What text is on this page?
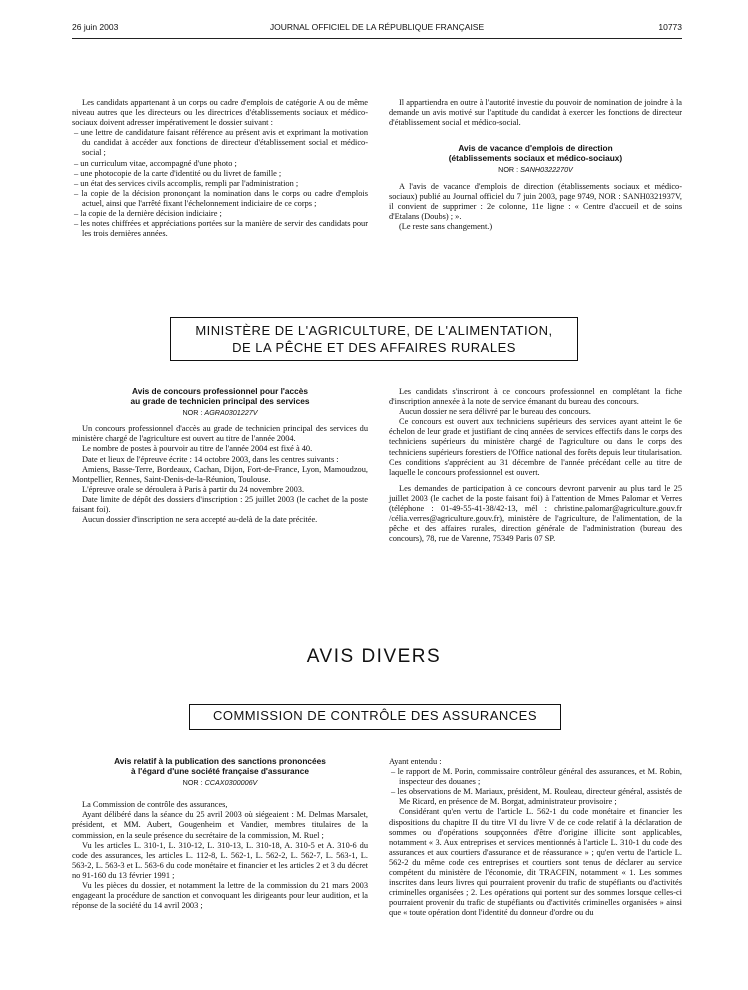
26 juin 2003	JOURNAL OFFICIEL DE LA RÉPUBLIQUE FRANÇAISE	10773

Les candidats appartenant à un corps ou cadre d'emplois de catégorie A ou de même niveau autres que les directeurs ou les directrices d'établissements sociaux et médico-sociaux doivent adresser impérativement le dossier suivant :

– une lettre de candidature faisant référence au présent avis et exprimant la motivation du candidat à accéder aux fonctions de directeur d'établissement social et médico-social ;
– un curriculum vitae, accompagné d'une photo ;
– une photocopie de la carte d'identité ou du livret de famille ;
– un état des services civils accomplis, rempli par l'administration ;
– la copie de la décision prononçant la nomination dans le corps ou cadre d'emplois actuel, ainsi que l'arrêté fixant l'échelonnement indiciaire de ce corps ;
– la copie de la dernière décision indiciaire ;
– les notes chiffrées et appréciations portées sur la manière de servir des candidats pour les trois dernières années.

Il appartiendra en outre à l'autorité investie du pouvoir de nomination de joindre à la demande un avis motivé sur l'aptitude du candidat à exercer les fonctions de directeur d'établissement social et médico-social.

Avis de vacance d'emplois de direction
(établissements sociaux et médico-sociaux)

NOR : SANH0322270V

A l'avis de vacance d'emplois de direction (établissements sociaux et médico-sociaux) publié au Journal officiel du 7 juin 2003, page 9749, NOR : SANH0321937V, il convient de supprimer : 2e colonne, 11e ligne : « Centre d'accueil et de soins d'Etalans (Doubs) ; ».

(Le reste sans changement.)

MINISTÈRE DE L'AGRICULTURE, DE L'ALIMENTATION,
DE LA PÊCHE ET DES AFFAIRES RURALES
Avis de concours professionnel pour l'accès
au grade de technicien principal des services

NOR : AGRA0301227V

Un concours professionnel d'accès au grade de technicien principal des services du ministère chargé de l'agriculture est ouvert au titre de l'année 2004.

Le nombre de postes à pourvoir au titre de l'année 2004 est fixé à 40.

Date et lieux de l'épreuve écrite : 14 octobre 2003, dans les centres suivants :

Amiens, Basse-Terre, Bordeaux, Cachan, Dijon, Fort-de-France, Lyon, Mamoudzou, Montpellier, Rennes, Saint-Denis-de-la-Réunion, Toulouse.

L'épreuve orale se déroulera à Paris à partir du 24 novembre 2003.

Date limite de dépôt des dossiers d'inscription : 25 juillet 2003 (le cachet de la poste faisant foi).

Aucun dossier d'inscription ne sera accepté au-delà de la date précitée.

Les candidats s'inscriront à ce concours professionnel en complétant la fiche d'inscription annexée à la note de service émanant du bureau des concours.

Aucun dossier ne sera délivré par le bureau des concours.

Ce concours est ouvert aux techniciens supérieurs des services ayant atteint le 6e échelon de leur grade et justifiant de cinq années de services effectifs dans le corps des techniciens supérieurs du ministère chargé de l'agriculture ou dans le corps des techniciens supérieurs forestiers de l'Office national des forêts depuis leur titularisation. Ces conditions s'apprécient au 31 décembre de l'année précédant celle au titre de laquelle le concours professionnel est ouvert.

Les demandes de participation à ce concours devront parvenir au plus tard le 25 juillet 2003 (le cachet de la poste faisant foi) à l'attention de Mmes Palomar et Verres (téléphone : 01-49-55-41-38/42-13, mél : christine.palomar@agriculture.gouv.fr /célia.verres@agriculture.gouv.fr), ministère de l'agriculture, de l'alimentation, de la pêche et des affaires rurales, direction générale de l'administration (bureau des concours), 78, rue de Varenne, 75349 Paris 07 SP.

AVIS DIVERS
COMMISSION DE CONTRÔLE DES ASSURANCES
Avis relatif à la publication des sanctions prononcées
à l'égard d'une société française d'assurance

NOR : CCAX0300006V

La Commission de contrôle des assurances,

Ayant délibéré dans la séance du 25 avril 2003 où siégeaient : M. Delmas Marsalet, président, et MM. Aubert, Gougenheim et Vandier, membres titulaires de la commission, en la seule présence du secrétaire de la commission, M. Ruel ;

Vu les articles L. 310-1, L. 310-12, L. 310-13, L. 310-18, A. 310-5 et A. 310-6 du code des assurances, les articles L. 112-8, L. 562-1, L. 562-2, L. 562-7, L. 563-1, L. 563-2, L. 563-3 et L. 563-6 du code monétaire et financier et les articles 2 et 3 du décret no 91-160 du 13 février 1991 ;

Vu les pièces du dossier, et notamment la lettre de la commission du 21 mars 2003 engageant la procédure de sanction et convoquant les dirigeants pour leur audition, et la réponse de la société du 14 avril 2003 ;

Ayant entendu :

– le rapport de M. Porin, commissaire contrôleur général des assurances, et M. Robin, inspecteur des douanes ;
– les observations de M. Mariaux, président, M. Rouleau, directeur général, assistés de Me Ricard, en présence de M. Borgat, administrateur provisoire ;

Considérant qu'en vertu de l'article L. 562-1 du code monétaire et financier les dispositions du chapitre II du titre VI du livre V de ce code relatif à la déclaration de sommes ou d'opérations soupçonnées d'être d'origine illicite sont applicables, notamment « 3. Aux entreprises et services mentionnés à l'article L. 310-1 du code des assurances et aux courtiers d'assurance et de réassurance » ; qu'en vertu de l'article L. 562-2 du même code ces entreprises et courtiers sont tenus de déclarer au service compétent du ministère de l'économie, dit TRACFIN, notamment « 1. Les sommes inscrites dans leurs livres qui pourraient provenir du trafic de stupéfiants ou d'activités criminelles organisées ; 2. Les opérations qui portent sur des sommes lorsque celles-ci pourraient provenir du trafic de stupéfiants ou d'activités criminelles organisées » ainsi que « toute opération dont l'identité du donneur d'ordre ou du
